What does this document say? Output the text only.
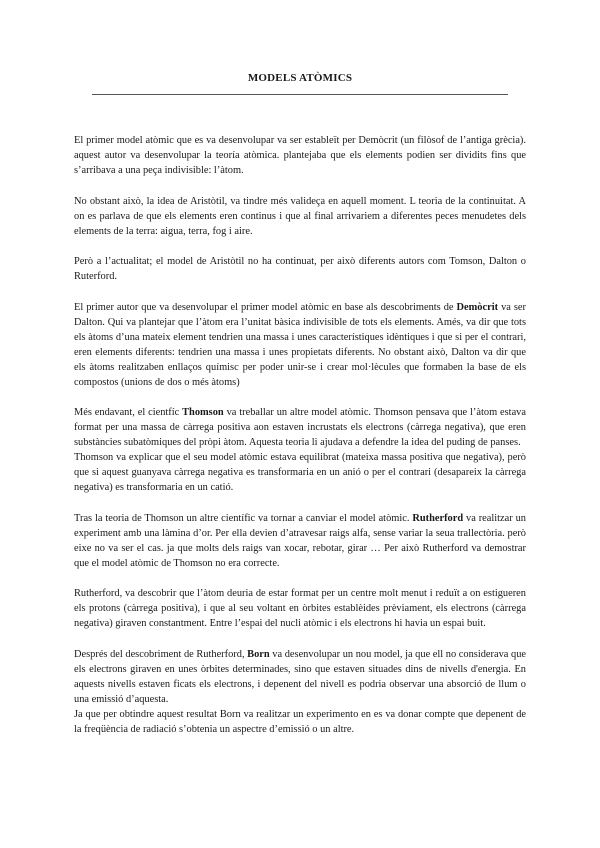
MODELS ATÒMICS

El primer model atòmic que es va desenvolupar va ser estableït per Demòcrit (un filòsof de l’antiga grècia). aquest autor va desenvolupar la teoría atòmica. plantejaba que els elements podien ser dividits fins que s’arribava a una peça indivisible: l’àtom.

No obstant això, la idea de Aristòtil, va tindre més valideça en aquell moment. L teoria de la continuitat. A on es parlava de que els elements eren continus i que al final arrivariem a diferentes peces menudetes dels elements de la terra: aigua, terra, fog i aire.

Però a l’actualitat; el model de Aristòtil no ha continuat, per això diferents autors com Tomson, Dalton o Ruterford.

El primer autor que va desenvolupar el primer model atòmic en base als descobriments de Demòcrit va ser Dalton. Qui va plantejar que l’àtom era l’unitat bàsica indivisible de tots els elements. Amés, va dir que tots els àtoms d’una mateix element tendrien una massa i unes característiques idèntiques i que si per el contrari, eren elements diferents: tendrien una massa i unes propietats diferents. No obstant això, Dalton va dir que els àtoms realitzaben enllaços químisc per poder unir-se i crear mol·lècules que formaben la base de els compostos (unions de dos o més àtoms)

Més endavant, el cientfíc Thomson va treballar un altre model atòmic. Thomson pensava que l’àtom estava format per una massa de càrrega positiva aon estaven incrustats els electrons (càrrega negativa), que eren substàncies subatòmiques del pròpi àtom. Aquesta teoria li ajudava a defendre la idea del puding de panses.

Thomson va explicar que el seu model atòmic estava equilibrat (mateixa massa positiva que negativa), però que si aquest guanyava càrrega negativa es transformaria en un anió o per el contrari (desapareix la càrrega negativa) es transformaria en un catió.

Tras la teoria de Thomson un altre científic va tornar a canviar el model atòmic. Rutherford va realitzar un experiment amb una làmina d’or. Per ella devien d’atravesar raigs alfa, sense variar la seua trallectòria. però eixe no va ser el cas. ja que molts dels raigs van xocar, rebotar, girar … Per això Rutherford va demostrar que el model atòmic de Thomson no era correcte.

Rutherford, va descobrir que l’àtom deuria de estar format per un centre molt menut i reduït a on estigueren els protons (càrrega positiva), i que al seu voltant en òrbites establèides prèviament, els electrons (càrrega negativa) giraven constantment. Entre l’espai del nucli atòmic i els electrons hi havia un espai buit.

Després del descobriment de Rutherford, Born va desenvolupar un nou model, ja que ell no considerava que els electrons giraven en unes òrbites determinades, sino que estaven situades dins de nivells d'energia. En aquests nivells estaven ficats els electrons, i depenent del nivell es podria observar una absorció de llum o una emissió d’aquesta.

Ja que per obtindre aquest resultat Born va realitzar un experimento en es va donar compte que depenent de la freqüència de radiació s’obtenia un aspectre d’emissió o un altre.
